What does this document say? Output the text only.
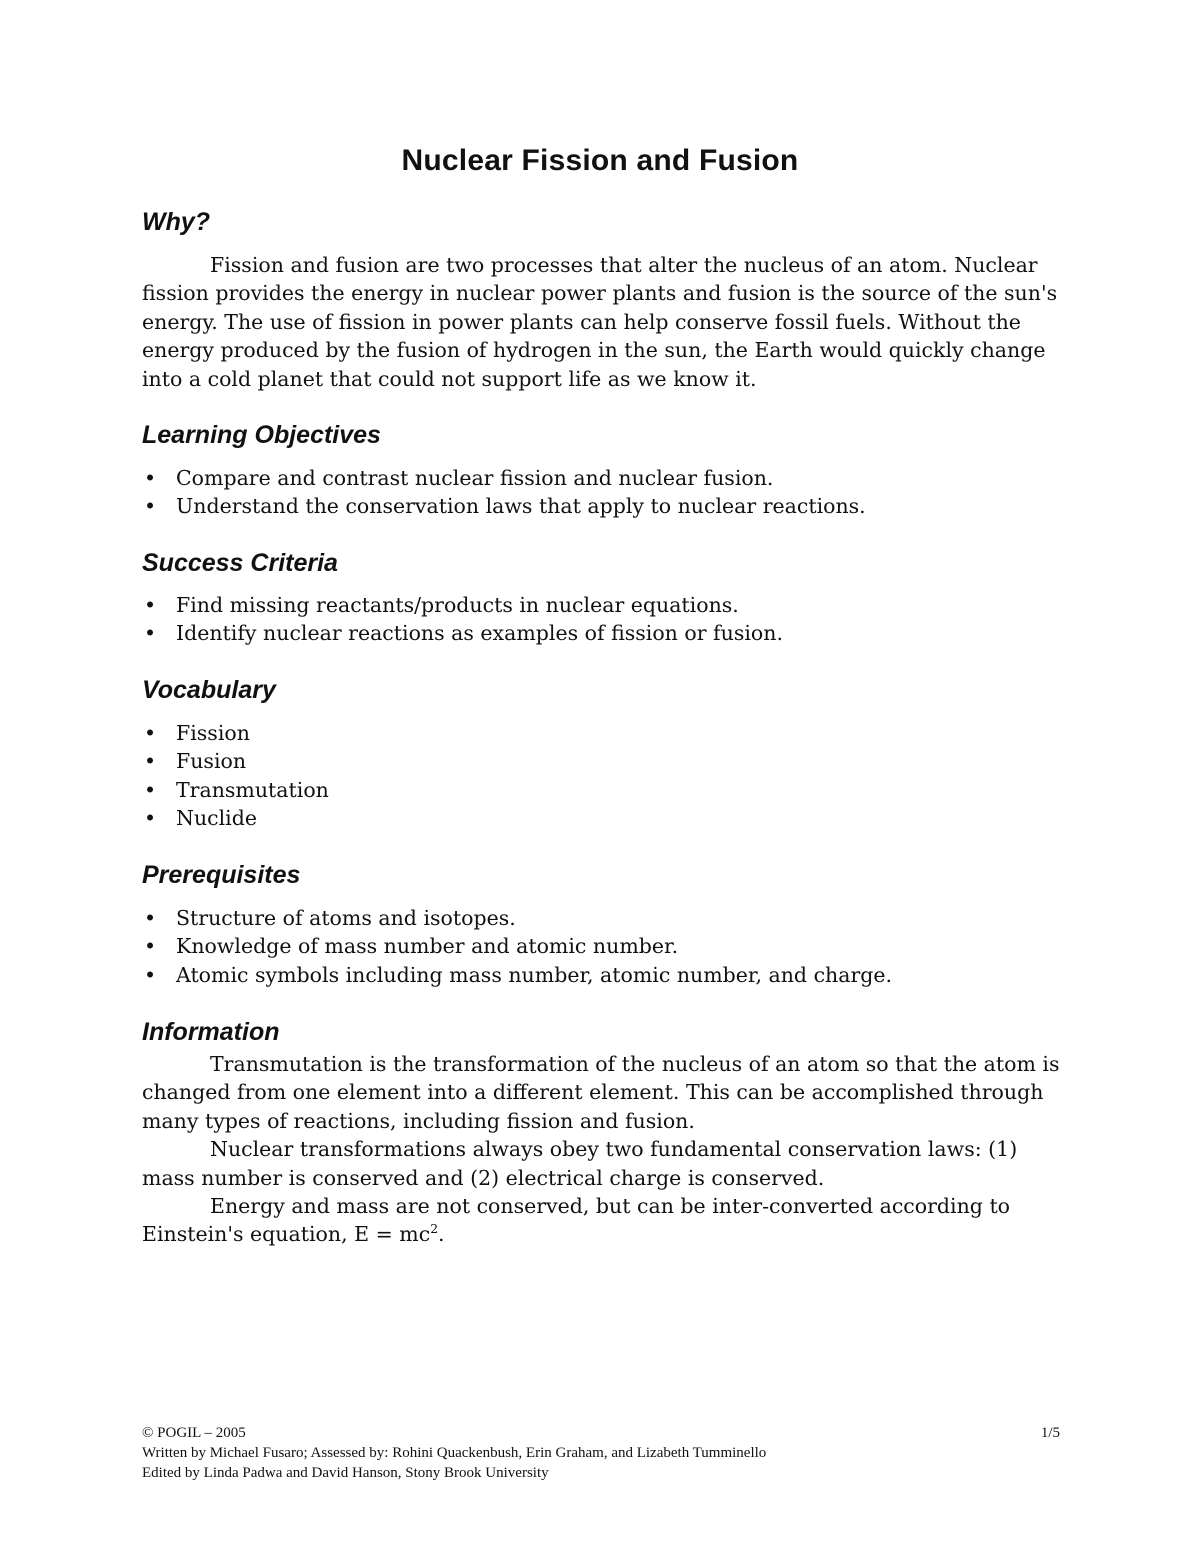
Nuclear Fission and Fusion
Why?

Fission and fusion are two processes that alter the nucleus of an atom. Nuclear fission provides the energy in nuclear power plants and fusion is the source of the sun's energy. The use of fission in power plants can help conserve fossil fuels. Without the energy produced by the fusion of hydrogen in the sun, the Earth would quickly change into a cold planet that could not support life as we know it.

Learning Objectives
• Compare and contrast nuclear fission and nuclear fusion.
• Understand the conservation laws that apply to nuclear reactions.
Success Criteria
• Find missing reactants/products in nuclear equations.
• Identify nuclear reactions as examples of fission or fusion.
Vocabulary
• Fission
• Fusion
• Transmutation
• Nuclide
Prerequisites
• Structure of atoms and isotopes.
• Knowledge of mass number and atomic number.
• Atomic symbols including mass number, atomic number, and charge.
Information

Transmutation is the transformation of the nucleus of an atom so that the atom is changed from one element into a different element. This can be accomplished through many types of reactions, including fission and fusion.

Nuclear transformations always obey two fundamental conservation laws: (1) mass number is conserved and (2) electrical charge is conserved.

Energy and mass are not conserved, but can be inter-converted according to Einstein's equation, $E = mc^2$.

© POGIL – 2005	1/5
Written by Michael Fusaro; Assessed by: Rohini Quackenbush, Erin Graham, and Lizabeth Tumminello
Edited by Linda Padwa and David Hanson, Stony Brook University
